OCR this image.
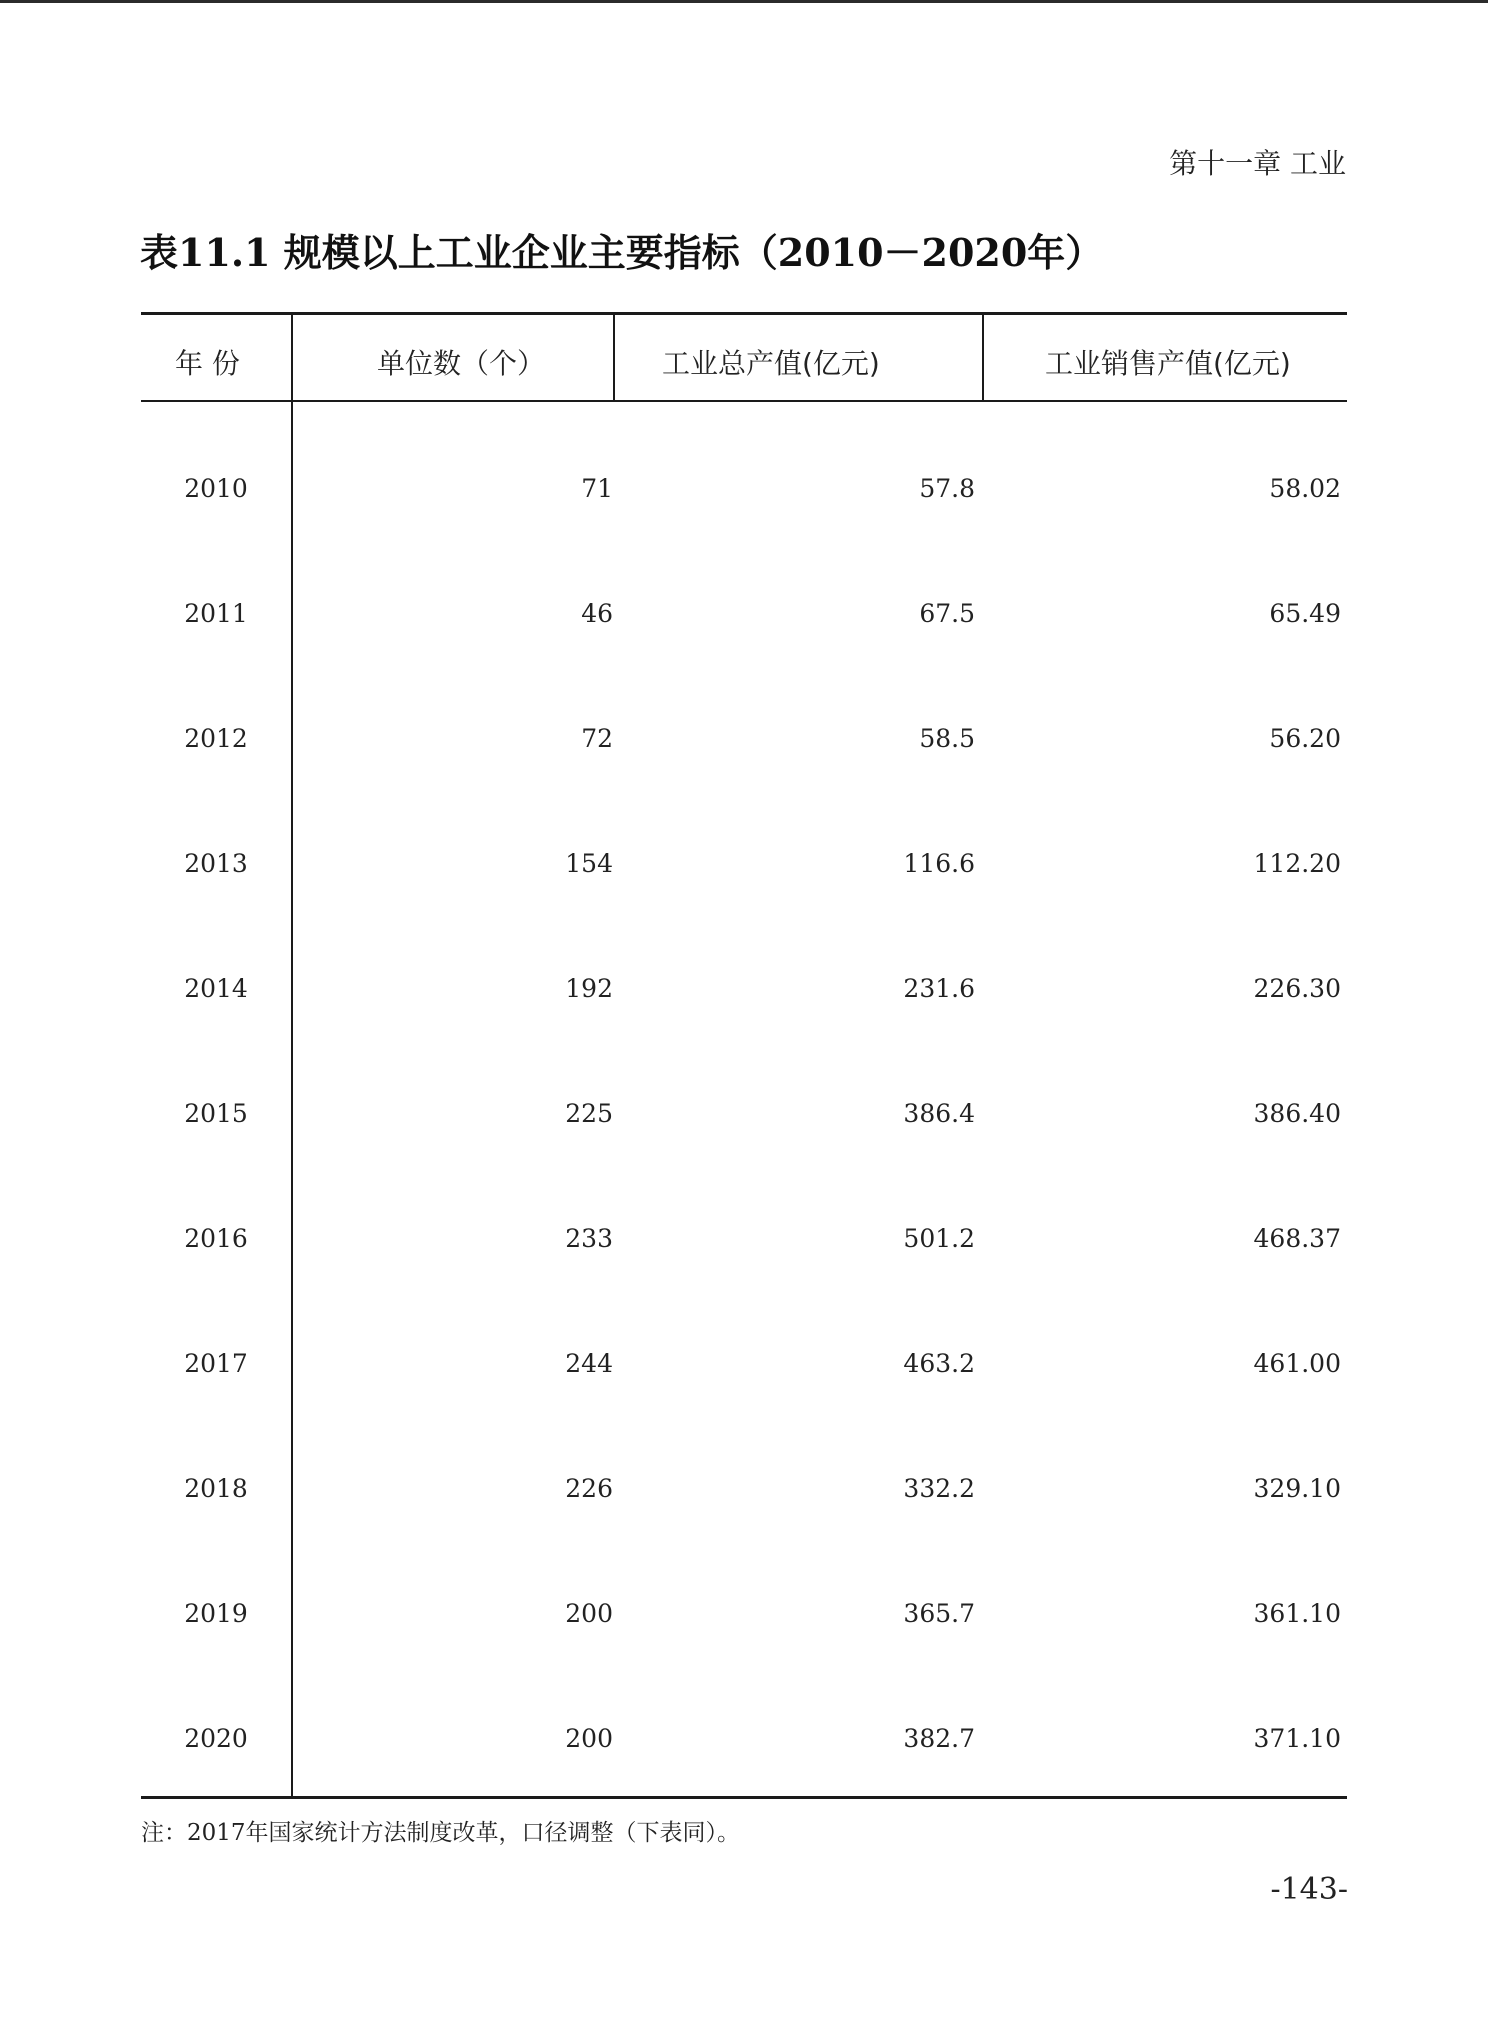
第十一章 工业
表11.1 规模以上工业企业主要指标（2010－2020年）
年 份	单位数（个）	工业总产值(亿元)	工业销售产值(亿元)
2010	71	57.8	58.02
2011	46	67.5	65.49
2012	72	58.5	56.20
2013	154	116.6	112.20
2014	192	231.6	226.30
2015	225	386.4	386.40
2016	233	501.2	468.37
2017	244	463.2	461.00
2018	226	332.2	329.10
2019	200	365.7	361.10
2020	200	382.7	371.10
注：2017年国家统计方法制度改革，口径调整（下表同）。
-143-
